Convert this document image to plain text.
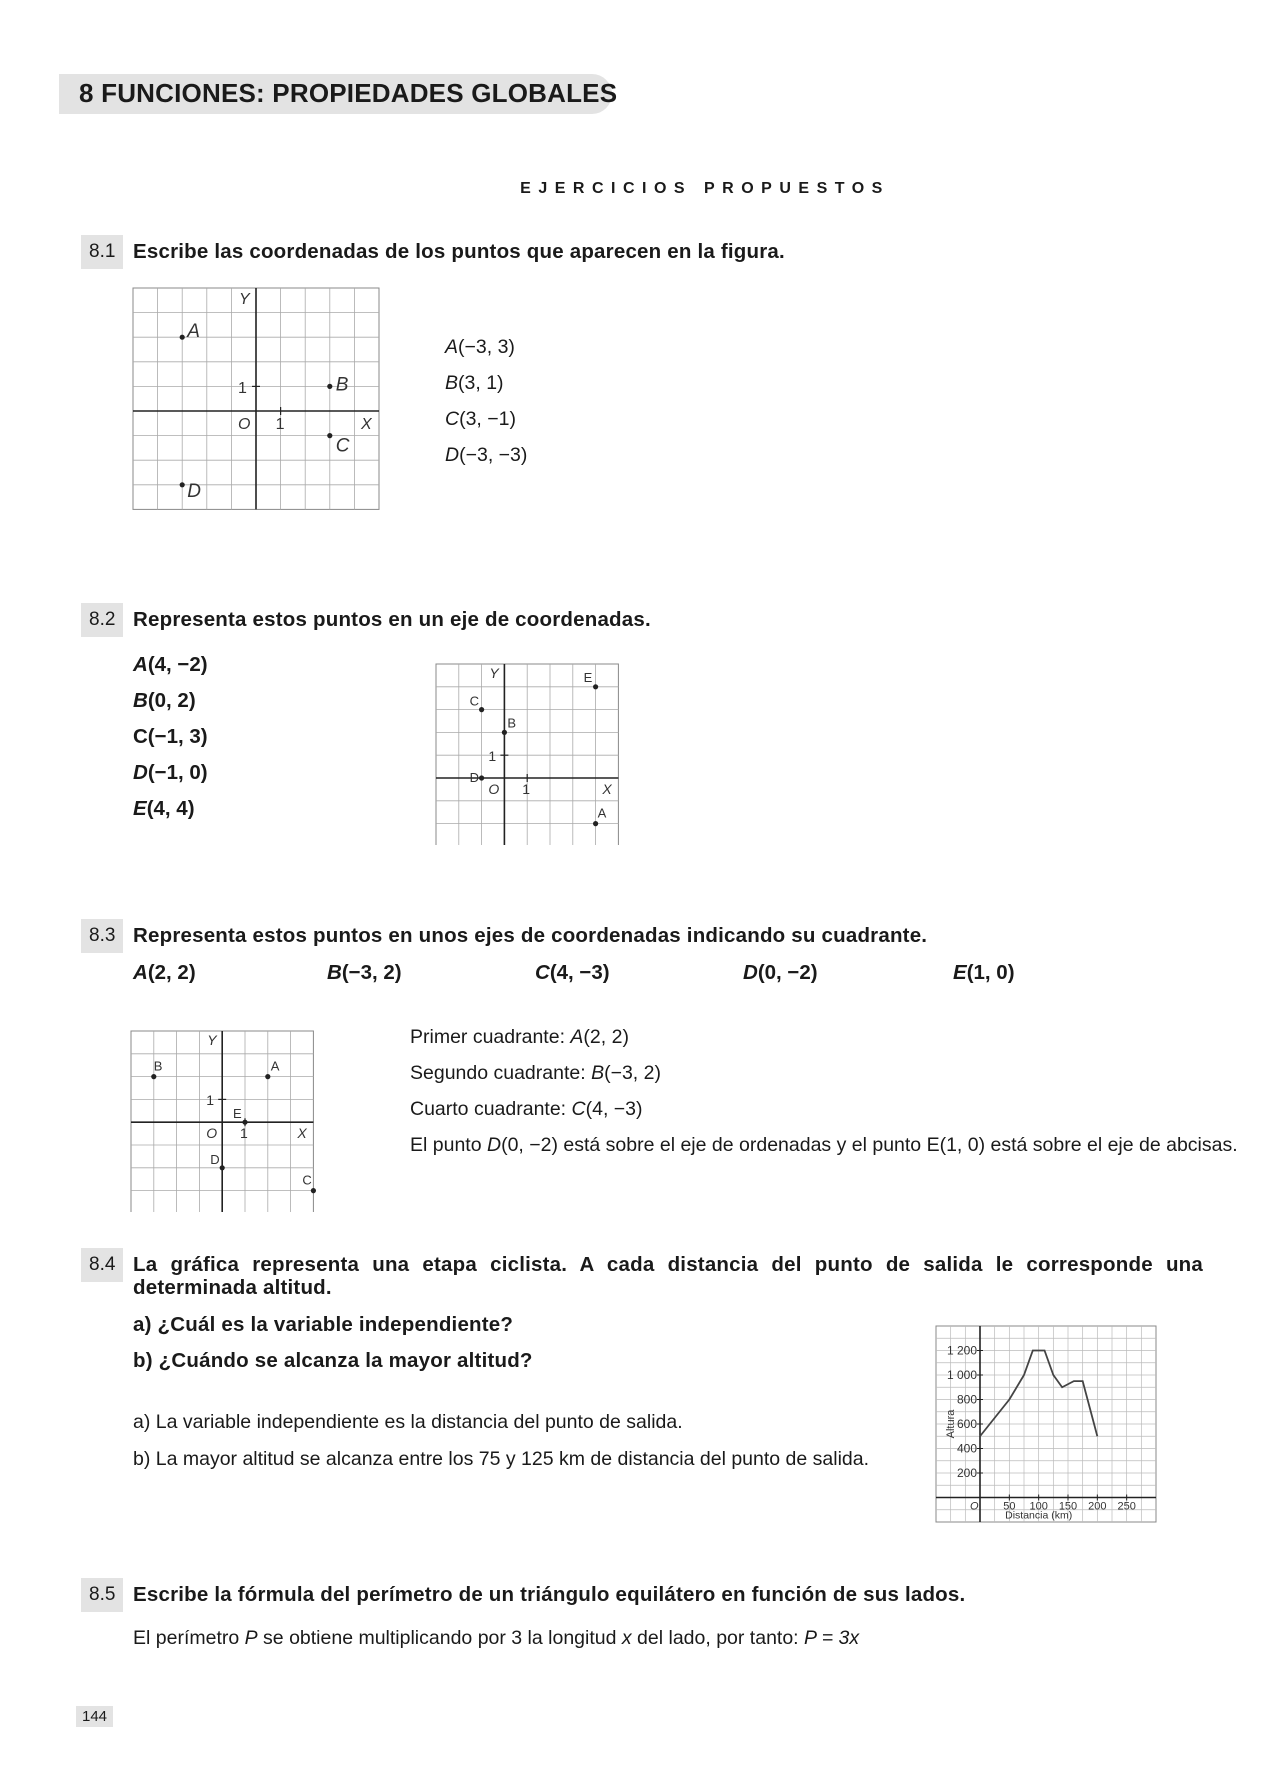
8 FUNCIONES: PROPIEDADES GLOBALES
EJERCICIOS PROPUESTOS
8.1 Escribe las coordenadas de los puntos que aparecen en la figura.
1
1
O	X
Y
A
B
C
D
A(−3, 3)
B(3, 1)
C(3, −1)
D(−3, −3)
8.2 Representa estos puntos en un eje de coordenadas.
A(4, −2)
B(0, 2)
C(−1, 3)
D(−1, 0)
E(4, 4)
1
1
O	X
Y
A
B
C
D
E
8.3 Representa estos puntos en unos ejes de coordenadas indicando su cuadrante.
A(2, 2)	B(−3, 2)	C(4, −3)	D(0, −2)	E(1, 0)
1
1
O	X
Y
A
B
C
D
E
Primer cuadrante: A(2, 2)
Segundo cuadrante: B(−3, 2)
Cuarto cuadrante: C(4, −3)
El punto D(0, −2) está sobre el eje de ordenadas y el punto E(1, 0) está sobre el eje de abcisas.
8.4 La gráfica representa una etapa ciclista. A cada distancia del punto de salida le corresponde una
determinada altitud.
a) ¿Cuál es la variable independiente?
b) ¿Cuándo se alcanza la mayor altitud?
a) La variable independiente es la distancia del punto de salida.
b) La mayor altitud se alcanza entre los 75 y 125 km de distancia del punto de salida.
50 100 150 200 250
200
400
600
800
1 000
1 200
O
Distancia (km)
Altura
8.5 Escribe la fórmula del perímetro de un triángulo equilátero en función de sus lados.
El perímetro P se obtiene multiplicando por 3 la longitud x del lado, por tanto: P = 3x
144
